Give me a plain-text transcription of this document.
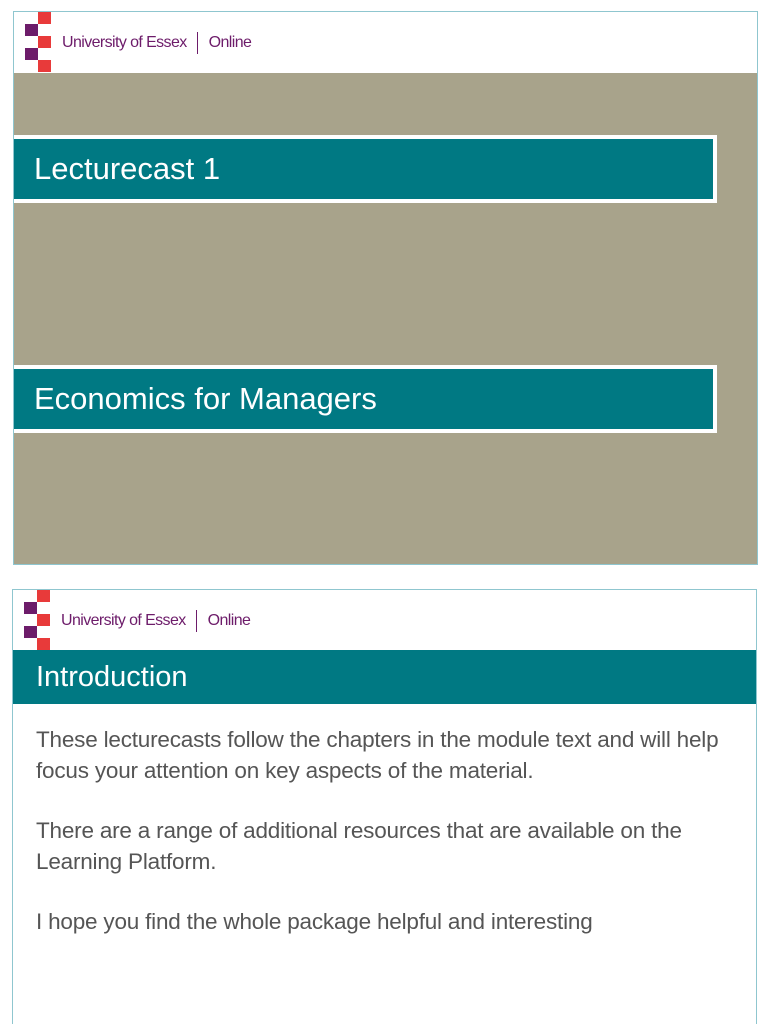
University of Essex Online
Lecturecast 1
Economics for Managers
University of Essex Online
Introduction

These lecturecasts follow the chapters in the module text and will help focus your attention on key aspects of the material.

There are a range of additional resources that are available on the Learning Platform.

I hope you find the whole package helpful and interesting
